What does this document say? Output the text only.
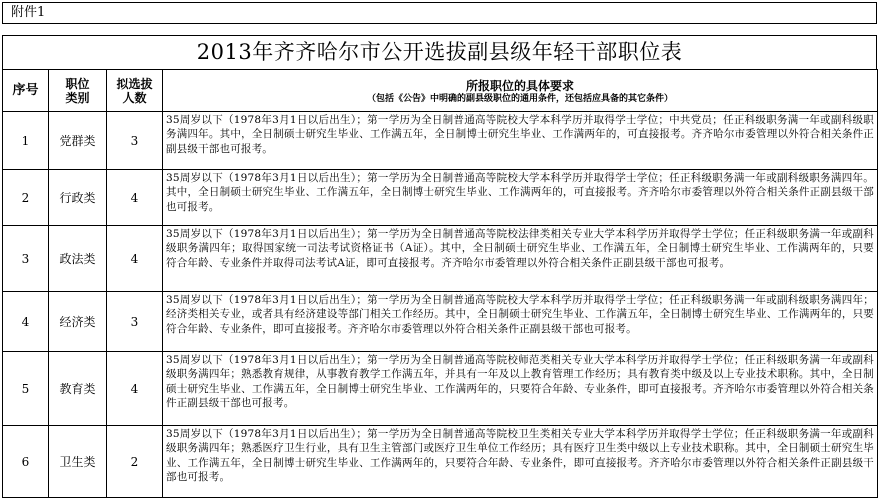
附件1
2013年齐齐哈尔市公开选拔副县级年轻干部职位表
序号	职位类别	拟选拔人数	所报职位的具体要求
（包括《公告》中明确的副县级职位的通用条件，还包括应具备的其它条件）

1	党群类	3	35周岁以下（1978年3月1日以后出生）；第一学历为全日制普通高等院校大学本科学历并取得学士学位；中共党员；任正科级职务满一年或副科级职务满四年。其中，全日制硕士研究生毕业、工作满五年，全日制博士研究生毕业、工作满两年的，可直接报考。齐齐哈尔市委管理以外符合相关条件正副县级干部也可报考。
2	行政类	4	35周岁以下（1978年3月1日以后出生）；第一学历为全日制普通高等院校大学本科学历并取得学士学位；任正科级职务满一年或副科级职务满四年。其中，全日制硕士研究生毕业、工作满五年，全日制博士研究生毕业、工作满两年的，可直接报考。齐齐哈尔市委管理以外符合相关条件正副县级干部也可报考。
3	政法类	4	35周岁以下（1978年3月1日以后出生）；第一学历为全日制普通高等院校法律类相关专业大学本科学历并取得学士学位；任正科级职务满一年或副科级职务满四年；取得国家统一司法考试资格证书（A证）。其中，全日制硕士研究生毕业、工作满五年，全日制博士研究生毕业、工作满两年的，只要符合年龄、专业条件并取得司法考试A证，即可直接报考。齐齐哈尔市委管理以外符合相关条件正副县级干部也可报考。
4	经济类	3	35周岁以下（1978年3月1日以后出生）；第一学历为全日制普通高等院校大学本科学历并取得学士学位；任正科级职务满一年或副科级职务满四年；经济类相关专业，或者具有经济建设等部门相关工作经历。其中，全日制硕士研究生毕业、工作满五年，全日制博士研究生毕业、工作满两年的，只要符合年龄、专业条件，即可直接报考。齐齐哈尔市委管理以外符合相关条件正副县级干部也可报考。
5	教育类	4	35周岁以下（1978年3月1日以后出生）；第一学历为全日制普通高等院校师范类相关专业大学本科学历并取得学士学位；任正科级职务满一年或副科级职务满四年；熟悉教育规律，从事教育教学工作满五年，并具有一年及以上教育管理工作经历；具有教育类中级及以上专业技术职称。其中，全日制硕士研究生毕业、工作满五年，全日制博士研究生毕业、工作满两年的，只要符合年龄、专业条件，即可直接报考。齐齐哈尔市委管理以外符合相关条件正副县级干部也可报考。
6	卫生类	2	35周岁以下（1978年3月1日以后出生）；第一学历为全日制普通高等院校卫生类相关专业大学本科学历并取得学士学位；任正科级职务满一年或副科级职务满四年；熟悉医疗卫生行业，具有卫生主管部门或医疗卫生单位工作经历；具有医疗卫生类中级以上专业技术职称。其中，全日制硕士研究生毕业、工作满五年，全日制博士研究生毕业、工作满两年的，只要符合年龄、专业条件，即可直接报考。齐齐哈尔市委管理以外符合相关条件正副县级干部也可报考。
